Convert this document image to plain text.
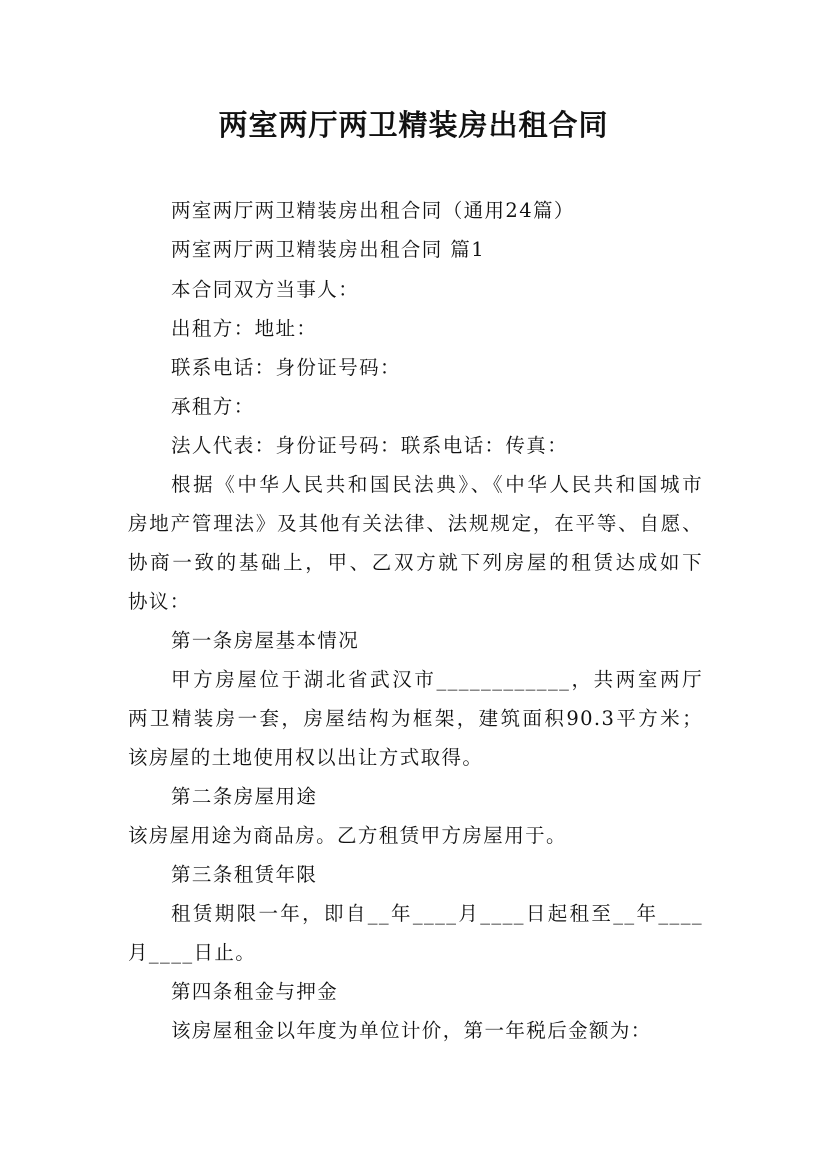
两室两厅两卫精装房出租合同
两室两厅两卫精装房出租合同（通用24篇）
两室两厅两卫精装房出租合同 篇1
本合同双方当事人：
出租方：地址：
联系电话：身份证号码：
承租方：
法人代表：身份证号码：联系电话：传真：
根据《中华人民共和国民法典》、《中华人民共和国城市
房地产管理法》及其他有关法律、法规规定，在平等、自愿、
协商一致的基础上，甲、乙双方就下列房屋的租赁达成如下
协议：
第一条房屋基本情况
甲方房屋位于湖北省武汉市____________，共两室两厅
两卫精装房一套，房屋结构为框架，建筑面积90.3平方米；
该房屋的土地使用权以出让方式取得。
第二条房屋用途
该房屋用途为商品房。乙方租赁甲方房屋用于。
第三条租赁年限
租赁期限一年，即自__年____月____日起租至__年____
月____日止。
第四条租金与押金
该房屋租金以年度为单位计价，第一年税后金额为：
